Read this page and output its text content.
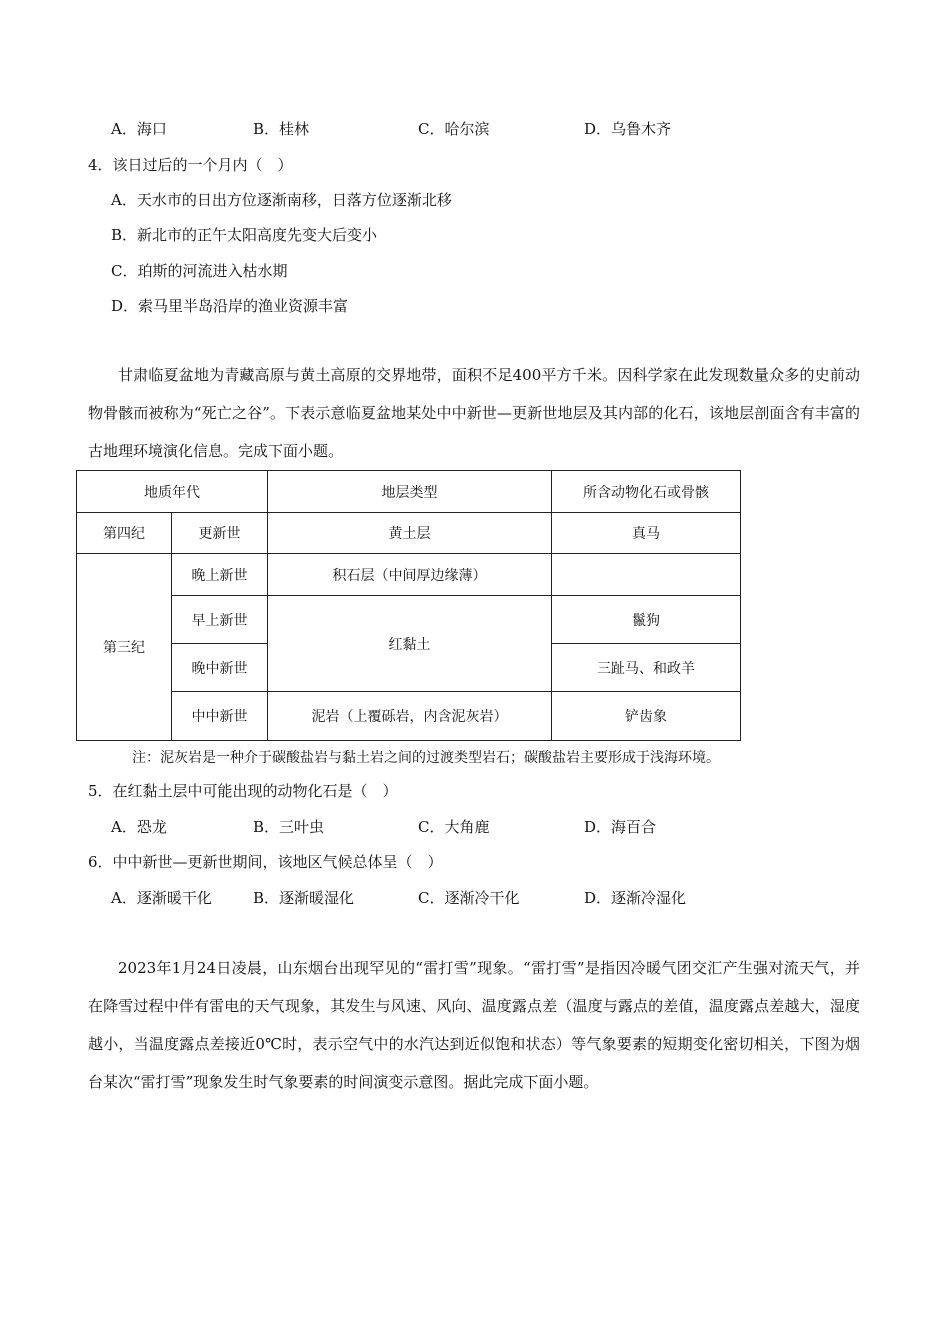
A．海口	B．桂林	C．哈尔滨	D．乌鲁木齐
4．该日过后的一个月内（　）
A．天水市的日出方位逐渐南移，日落方位逐渐北移
B．新北市的正午太阳高度先变大后变小
C．珀斯的河流进入枯水期
D．索马里半岛沿岸的渔业资源丰富

甘肃临夏盆地为青藏高原与黄土高原的交界地带，面积不足400平方千米。因科学家在此发现数量众多的史前动物骨骸而被称为“死亡之谷”。下表示意临夏盆地某处中中新世—更新世地层及其内部的化石，该地层剖面含有丰富的古地理环境演化信息。完成下面小题。

地质年代		地层类型	所含动物化石或骨骸
第四纪	更新世	黄土层	真马
第三纪	晚上新世	积石层（中间厚边缘薄）	
	早上新世	红黏土	鬣狗
	晚中新世		三趾马、和政羊
	中中新世	泥岩（上覆砾岩，内含泥灰岩）	铲齿象
注：泥灰岩是一种介于碳酸盐岩与黏土岩之间的过渡类型岩石；碳酸盐岩主要形成于浅海环境。
5．在红黏土层中可能出现的动物化石是（　）
A．恐龙	B．三叶虫	C．大角鹿	D．海百合
6．中中新世—更新世期间，该地区气候总体呈（　）
A．逐渐暖干化	B．逐渐暖湿化	C．逐渐冷干化	D．逐渐冷湿化

2023年1月24日凌晨，山东烟台出现罕见的“雷打雪”现象。“雷打雪”是指因冷暖气团交汇产生强对流天气，并在降雪过程中伴有雷电的天气现象，其发生与风速、风向、温度露点差（温度与露点的差值，温度露点差越大，湿度越小，当温度露点差接近0℃时，表示空气中的水汽达到近似饱和状态）等气象要素的短期变化密切相关，下图为烟台某次“雷打雪”现象发生时气象要素的时间演变示意图。据此完成下面小题。
